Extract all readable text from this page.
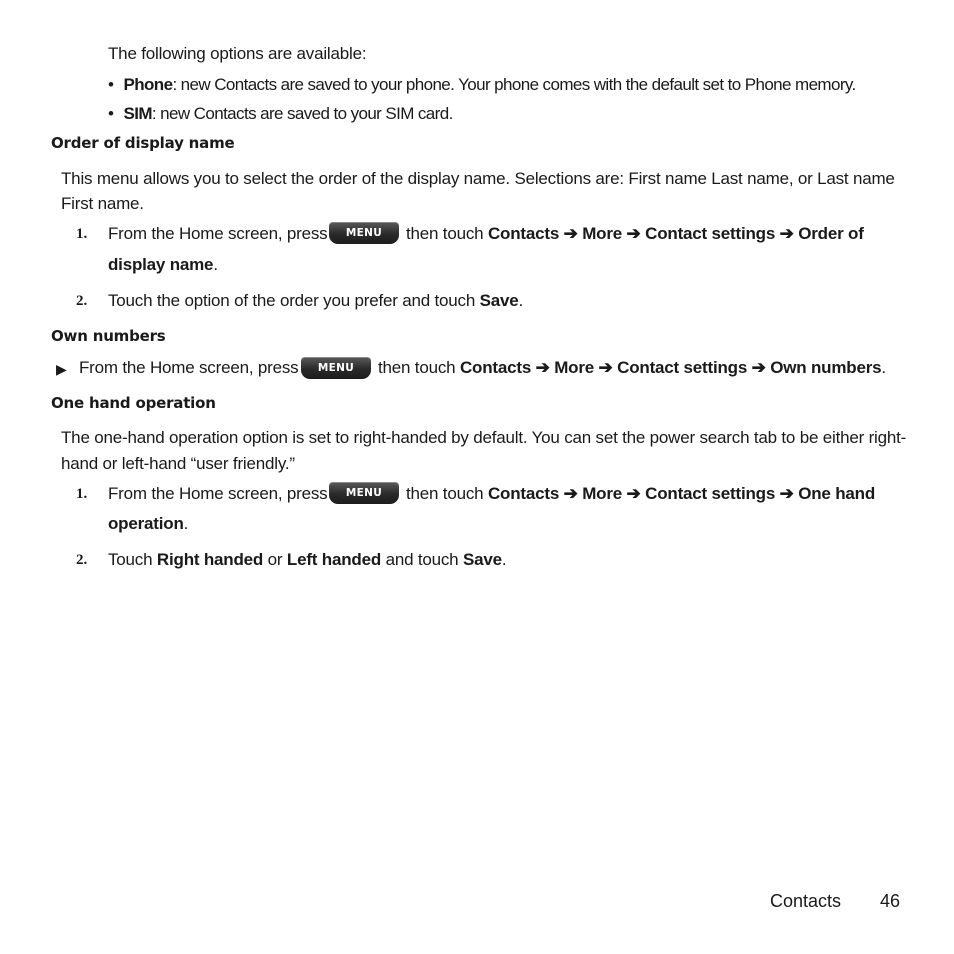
The following options are available:
• Phone: new Contacts are saved to your phone. Your phone comes with the default set to Phone memory.
• SIM: new Contacts are saved to your SIM card.
Order of display name
This menu allows you to select the order of the display name. Selections are: First name Last name, or Last name
First name.
1. From the Home screen, press	MENU	then touch Contacts ➔ More ➔ Contact settings ➔ Order of
display name.
2. Touch the option of the order you prefer and touch Save.
Own numbers
▶ From the Home screen, press	MENU	then touch Contacts ➔ More ➔ Contact settings ➔ Own numbers.
One hand operation
The one-hand operation option is set to right-handed by default. You can set the power search tab to be either right-
hand or left-hand “user friendly.”
1. From the Home screen, press	MENU	then touch Contacts ➔ More ➔ Contact settings ➔ One hand
operation.
2. Touch Right handed or Left handed and touch Save.
Contacts 46
